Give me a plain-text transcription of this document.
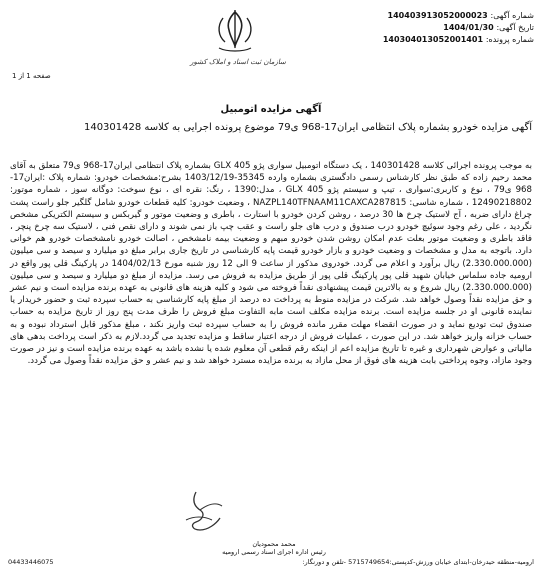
شماره آگهی: 140403913052000023
تاریخ آگهی: 1404/01/30
شماره پرونده: 140304013052001401
سازمان ثبت اسناد و املاک کشور
صفحه 1 از 1
آگهی مزایده اتومبیل
آگهی مزایده خودرو بشماره پلاک انتظامی ایران17-968 ی79 موضوع پرونده اجرایی به کلاسه 140301428
به موجب پرونده اجرائی کلاسه 140301428 ، یک دستگاه اتومبیل سواری پژو 405 GLX بشماره پلاک انتظامی ایران17-968 ی79 متعلق به آقای محمد رحیم زاده که طبق نظر کارشناس رسمی دادگستری بشماره وارده 35345-1403/12/19 بشرح:مشخصات خودرو: شماره پلاک :ایران17-968 ی79 ، نوع و کاربری:سواری ، تیپ و سیستم پژو GLX 405 ، مدل:1390 ، رنگ: نقره ای ، نوع سوخت: دوگانه سوز ، شماره موتور: 12490218802 ، شماره شاسی: NAZPL140TFNAAM11CAXCA287815 ، وضعیت خودرو: کلیه قطعات خودرو شامل گلگیر جلو راست پشت چراغ دارای ضربه ، آج لاستیک چرخ ها 30 درصد ، روشن کردن خودرو با استارت ، باطری و وضعیت موتور و گیربکس و سیستم الکتریکی مشخص نگردید ، علی رغم وجود سوئیچ خودرو درب صندوق و درب های جلو راست و عقب چپ باز نمی شوند و دارای نقص فنی ، لاستیک سه چرخ پنچر ، فاقد باطری و وضعیت موتور بعلت عدم امکان روشن شدن خودرو مبهم و وضعیت بیمه نامشخص ، اصالت خودرو نامشخصات خودرو هم خوانی دارد. باتوجه به مدل و مشخصات و وضعیت خودرو و بازار خودرو قیمت پایه کارشناسی در تاریخ جاری برابر مبلغ دو میلیارد و سیصد و سی میلیون (2.330.000.000) ریال برآورد و اعلام می گردد. خودروی مذکور از ساعت 9 الی 12 روز شنبه مورخ 1404/02/13 در پارکینگ قلی پور واقع در ارومیه جاده سلماس خیابان شهید قلی پور پارکینگ قلی پور از طریق مزایده به فروش می رسد. مزایده از مبلغ دو میلیارد و سیصد و سی میلیون (2.330.000.000) ریال شروع و به بالاترین قیمت پیشنهادی نقداً فروخته می شود و کلیه هزینه های قانونی به عهده برنده مزایده است و نیم عشر و حق مزایده نقداً وصول خواهد شد. شرکت در مزایده منوط به پرداخت ده درصد از مبلغ پایه کارشناسی به حساب سپرده ثبت و حضور خریدار یا نماینده قانونی او در جلسه مزایده است. برنده مزایده مکلف است مابه التفاوت مبلغ فروش را ظرف مدت پنج روز از تاریخ مزایده به حساب صندوق ثبت تودیع نماید و در صورت انقضاء مهلت مقرر مانده فروش را به حساب سپرده ثبت واریز نکند ، مبلغ مذکور قابل استرداد نبوده و به حساب خزانه واریز خواهد شد. در این صورت ، عملیات فروش از درجه اعتبار ساقط و مزایده تجدید می گردد.لازم به ذکر است پرداخت بدهی های مالیاتی و عوارض شهرداری و غیره تا تاریخ مزایده اعم از اینکه رقم قطعی آن معلوم شده یا نشده باشد به عهده برنده مزایده است و نیز در صورت وجود مازاد، وجوه پرداختی بابت هزینه های فوق از محل مازاد به برنده مزایده مسترد خواهد شد و نیم عشر و حق مزایده نقداً وصول می گردد.
محمد محمودیان
رئیس اداره اجرای اسناد رسمی ارومیه
ارومیه-منطقه حیدرخان-ابتدای خیابان ورزش-کدپستی:5715749654 -تلفن و دورنگار:
04433446075
